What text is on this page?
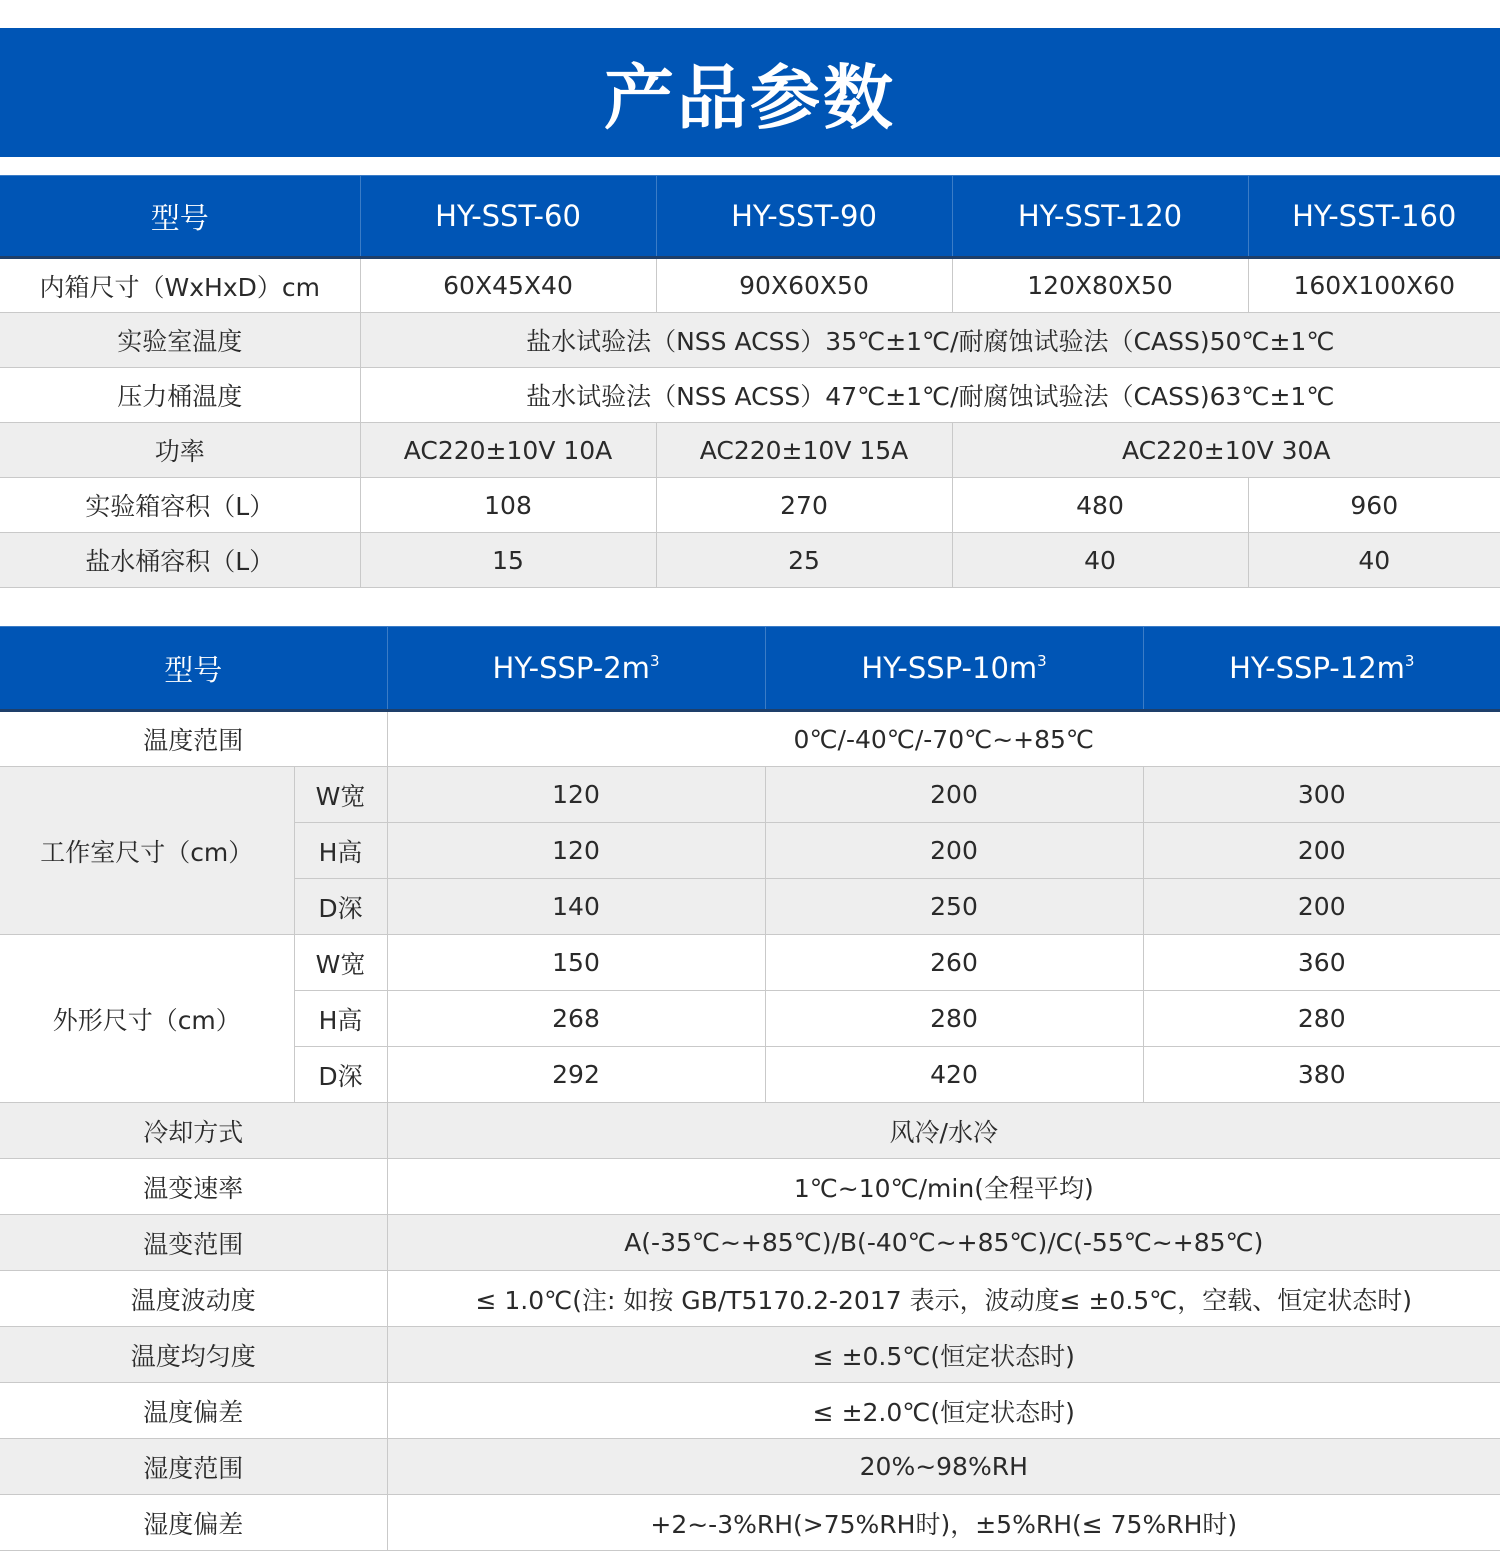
产品参数
型号	HY-SST-60	HY-SST-90	HY-SST-120	HY-SST-160
内箱尺寸（WxHxD）cm	60X45X40	90X60X50	120X80X50	160X100X60
实验室温度	盐水试验法（NSS ACSS）35℃±1℃/耐腐蚀试验法（CASS)50℃±1℃			
压力桶温度	盐水试验法（NSS ACSS）47℃±1℃/耐腐蚀试验法（CASS)63℃±1℃			
功率	AC220±10V 10A	AC220±10V 15A	AC220±10V 30A	
实验箱容积（L）	108	270	480	960
盐水桶容积（L）	15	25	40	40
型号		$HY-SSP-2m^3$	$HY-SSP-10m^3$	$HY-SSP-12m^3$
温度范围		0℃/-40℃/-70℃~+85℃		
工作室尺寸（cm）	W宽	120	200	300
	H高	120	200	200
	D深	140	250	200
外形尺寸（cm）	W宽	150	260	360
	H高	268	280	280
	D深	292	420	380
冷却方式		风冷/水冷		
温变速率		1℃~10℃/min(全程平均)		
温变范围		A(-35℃~+85℃)/B(-40℃~+85℃)/C(-55℃~+85℃)		
温度波动度		≤ 1.0℃(注: 如按 GB/T5170.2-2017 表示，波动度≤ ±0.5℃，空载、恒定状态时)		
温度均匀度		≤ ±0.5℃(恒定状态时)		
温度偏差		≤ ±2.0℃(恒定状态时)		
湿度范围		20%~98%RH		
湿度偏差		+2~-3%RH(>75%RH时)，±5%RH(≤ 75%RH时)		
